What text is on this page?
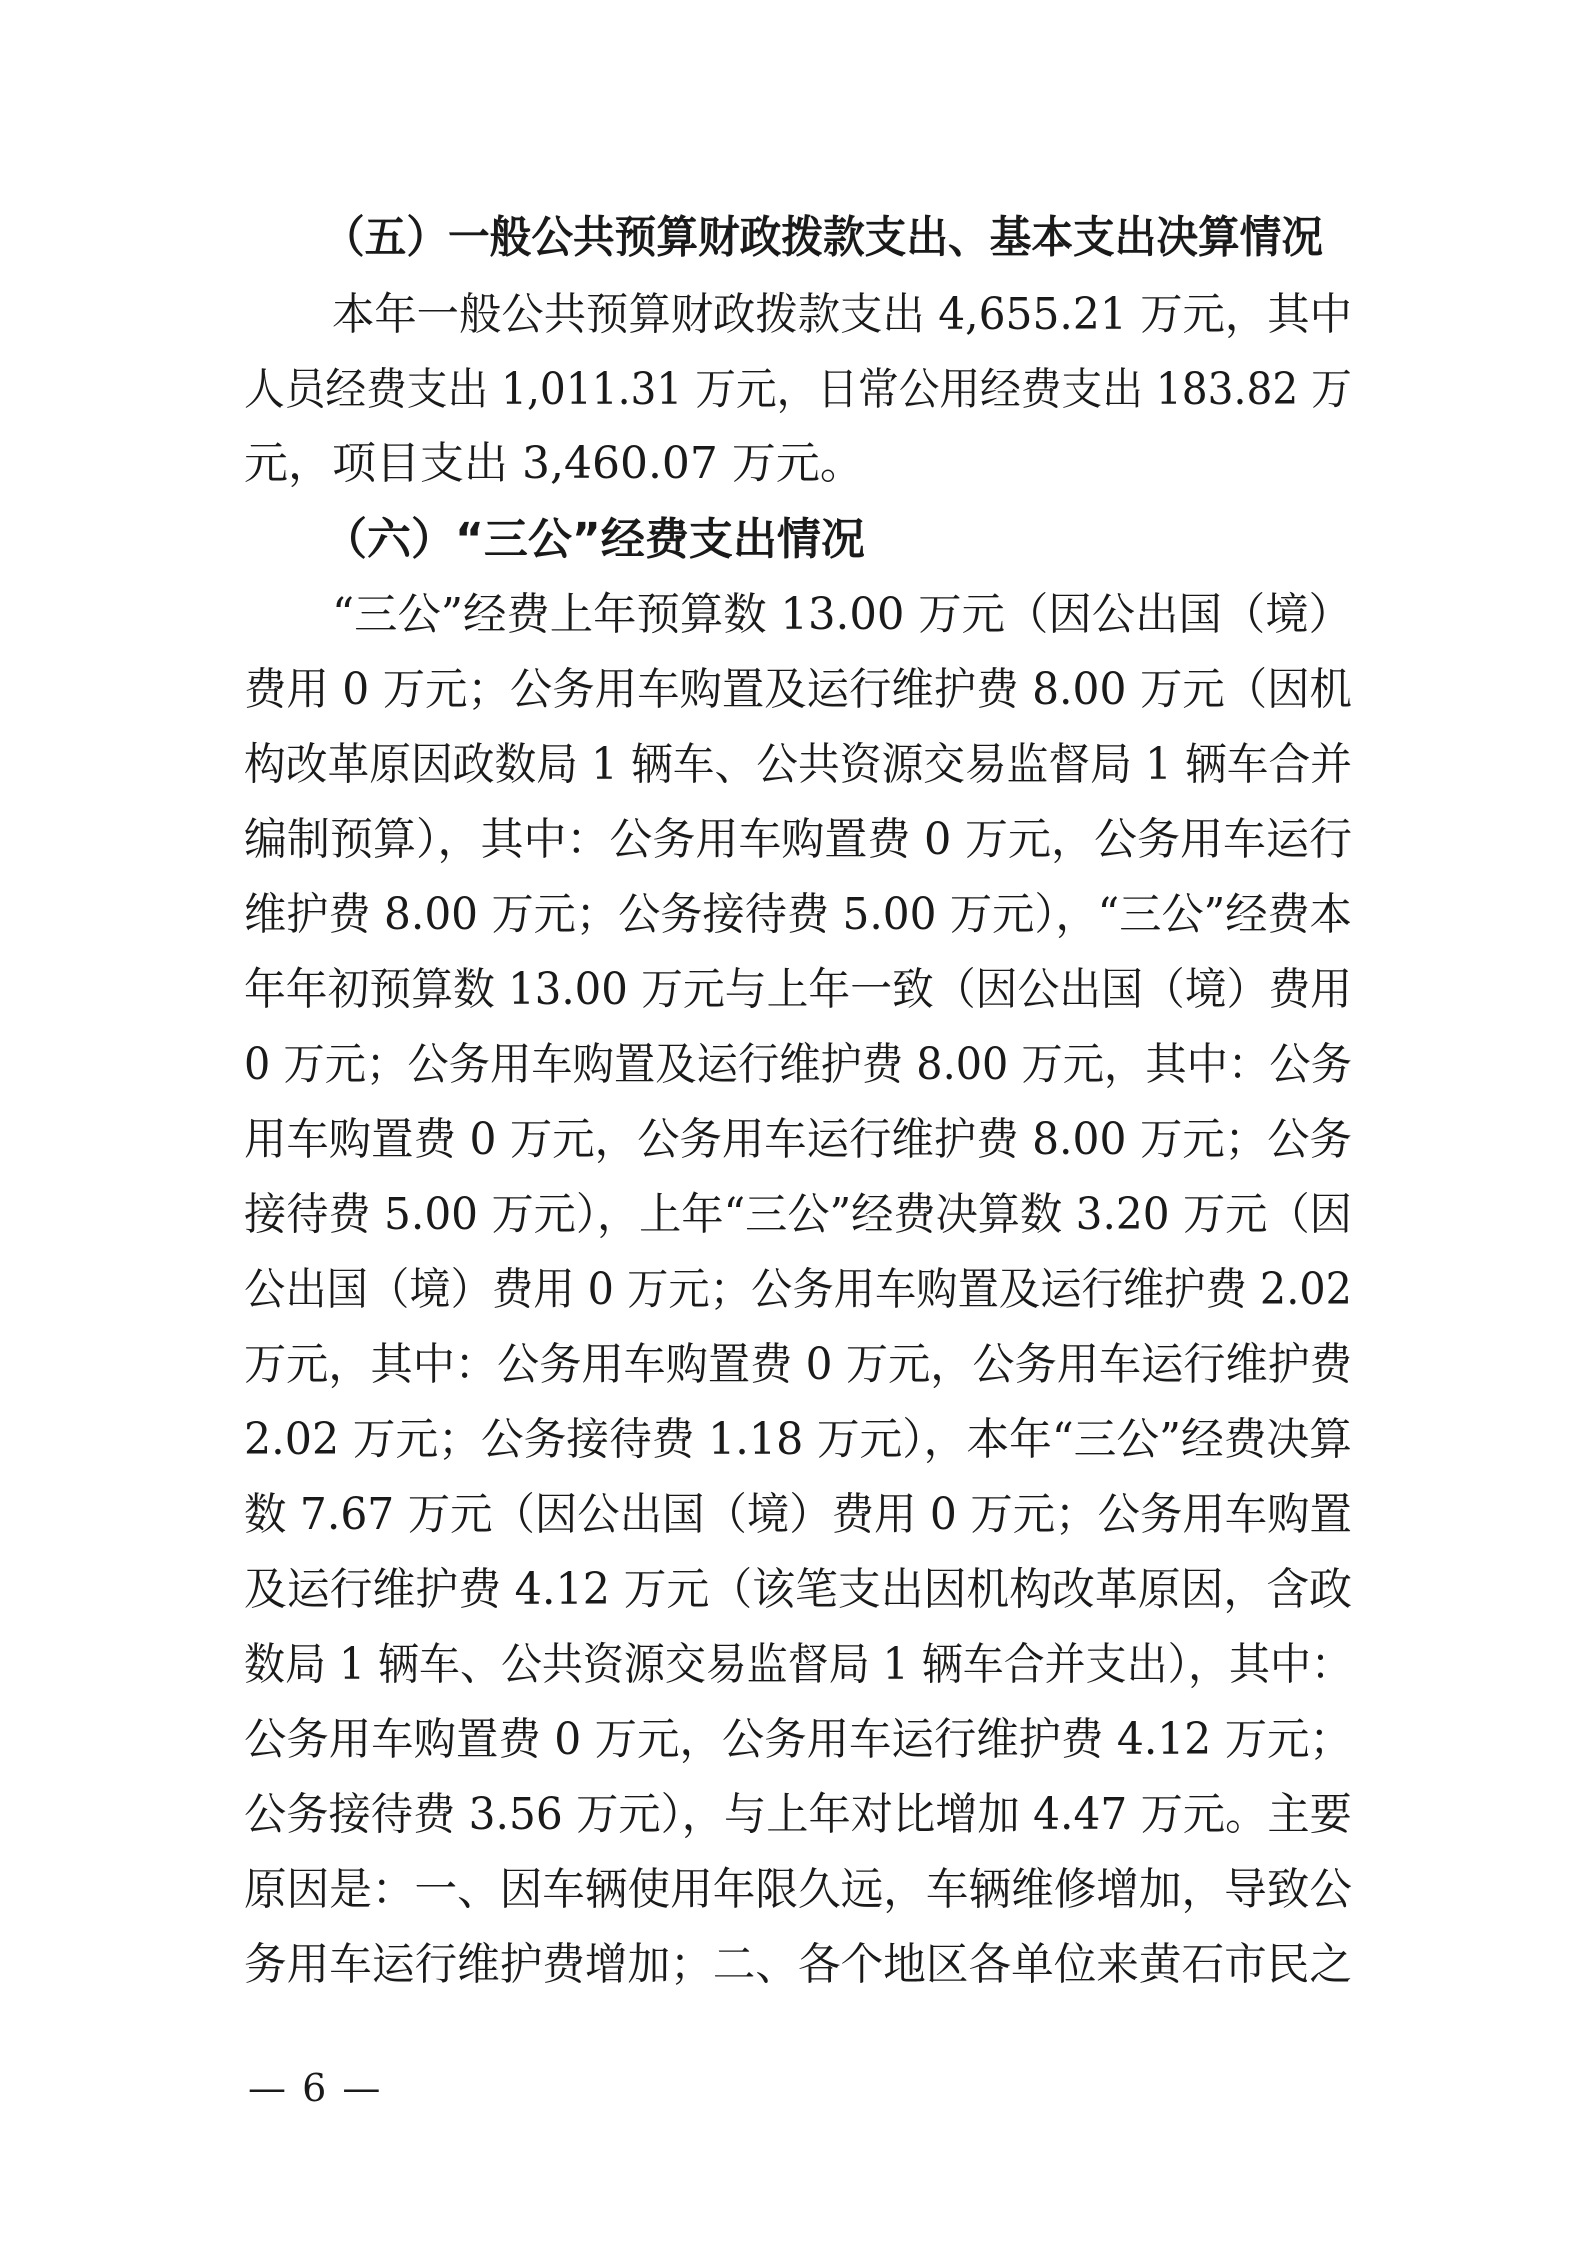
（五）一般公共预算财政拨款支出、基本支出决算情况
本年一般公共预算财政拨款支出 4,655.21 万元，其中
人员经费支出 1,011.31 万元，日常公用经费支出 183.82 万
元，项目支出 3,460.07 万元。
（六）“三公”经费支出情况
“三公”经费上年预算数 13.00 万元（因公出国（境）
费用 0 万元；公务用车购置及运行维护费 8.00 万元（因机
构改革原因政数局 1 辆车、公共资源交易监督局 1 辆车合并
编制预算），其中：公务用车购置费 0 万元，公务用车运行
维护费 8.00 万元；公务接待费 5.00 万元），“三公”经费本
年年初预算数 13.00 万元与上年一致（因公出国（境）费用
0 万元；公务用车购置及运行维护费 8.00 万元，其中：公务
用车购置费 0 万元，公务用车运行维护费 8.00 万元；公务
接待费 5.00 万元），上年“三公”经费决算数 3.20 万元（因
公出国（境）费用 0 万元；公务用车购置及运行维护费 2.02
万元，其中：公务用车购置费 0 万元，公务用车运行维护费
2.02 万元；公务接待费 1.18 万元），本年“三公”经费决算
数 7.67 万元（因公出国（境）费用 0 万元；公务用车购置
及运行维护费 4.12 万元（该笔支出因机构改革原因，含政
数局 1 辆车、公共资源交易监督局 1 辆车合并支出），其中：
公务用车购置费 0 万元，公务用车运行维护费 4.12 万元；
公务接待费 3.56 万元），与上年对比增加 4.47 万元。主要
原因是：一、因车辆使用年限久远，车辆维修增加，导致公
务用车运行维护费增加；二、各个地区各单位来黄石市民之
— 6 —
